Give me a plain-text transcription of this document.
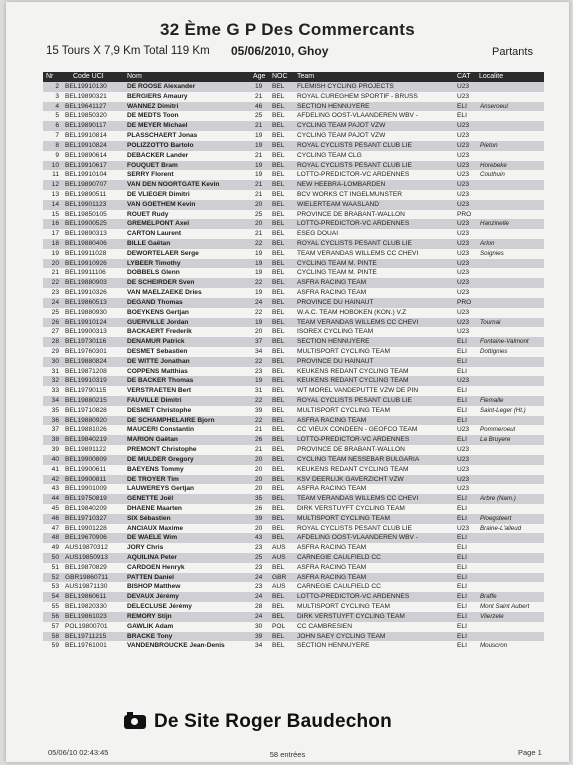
32 Ème G P Des Commercants
15 Tours X 7,9 Km Total 119 Km 05/06/2010, Ghoy	Partants
Nr	Code UCI	Nom	Age NOC Team	CAT Localite
2 BEL19910130	DE ROOSE Alexander	19	BEL	FLEMISH CYCLING PROJECTS	U23
3 BEL19890321	BERGIERS Amaury	21	BEL	ROYAL CUREGHEM SPORTIF - BRUSS	U23
4 BEL19641127	WANNEZ Dimitri	46	BEL	SECTION HENNUYERE	ELI	Anseroeul
5 BEL19850320	DE MEDTS Toon	25	BEL	AFDELING OOST-VLAANDEREN WBV -	ELI
6 BEL19890117	DE MEYER Michael	21	BEL	CYCLING TEAM PAJOT VZW	U23
7 BEL19910814	PLASSCHAERT Jonas	19	BEL	CYCLING TEAM PAJOT VZW	U23
8 BEL19910824	POLIZZOTTO Bartolo	19	BEL	ROYAL CYCLISTS PESANT CLUB LIE	U23	Pieton
9 BEL19890614	DEBACKER Lander	21	BEL	CYCLING TEAM CLG	U23
10 BEL19910617	FOUQUET Bram	19	BEL	ROYAL CYCLISTS PESANT CLUB LIE	U23	Horebeke
11 BEL19910104	SERRY Florent	19	BEL	LOTTO-PREDICTOR-VC ARDENNES	U23	Couthuin
12 BEL19890707	VAN DEN NOORTGATE Kevin	21	BEL	NEW HEEBRA-LOMBARDEN	U23
13 BEL19890511	DE VLIEGER Dimitri	21	BEL	BCV WORKS CT INGELMUNSTER	U23
14 BEL19901123	VAN GOETHEM Kevin	20	BEL	WIELERTEAM WAASLAND	U23
15 BEL19850105	ROUET Rudy	25	BEL	PROVINCE DE BRABANT-WALLON	PRO
16 BEL19900525	GREMELPONT Axel	20	BEL	LOTTO-PREDICTOR-VC ARDENNES	U23	Hanzinelle
17 BEL19890313	CARTON Laurent	21	BEL	ESEG DOUAI	U23
18 BEL19880406	BILLE Gaëtan	22	BEL	ROYAL CYCLISTS PESANT CLUB LIE	U23	Arlon
19 BEL19911028	DEWORTELAER Serge	19	BEL	TEAM VERANDAS WILLEMS CC CHEVI	U23	Soignies
20 BEL19910926	LYBEER Timothy	19	BEL	CYCLING TEAM M. PINTE	U23
21 BEL19911106	DOBBELS Glenn	19	BEL	CYCLING TEAM M. PINTE	U23
22 BEL19880903	DE SCHEIRDER Sven	22	BEL	ASFRA RACING TEAM	U23
23 BEL19910326	VAN MAELZAEKE Dries	19	BEL	ASFRA RACING TEAM	U23
24 BEL19860513	DEGAND Thomas	24	BEL	PROVINCE DU HAINAUT	PRO
25 BEL19880930	BOEYKENS Gertjan	22	BEL	W.A.C. TEAM HOBOKEN (KON.) V.Z	U23
26 BEL19910124	GUERVILLE Jordan	19	BEL	TEAM VERANDAS WILLEMS CC CHEVI	U23	Tournai
27 BEL19900313	BACKAERT Frederik	20	BEL	ISOREX CYCLING TEAM	U23
28 BEL19730116	DENAMUR Patrick	37	BEL	SECTION HENNUYERE	ELI	Fontaine-Valmont
29 BEL19760301	DESMET Sebastien	34	BEL	MULTISPORT CYCLING TEAM	ELI	Dottignies
30 BEL19880824	DE WITTE Jonathan	22	BEL	PROVINCE DU HAINAUT	ELI
31 BEL19871208	COPPENS Matthias	23	BEL	KEUKENS REDANT CYCLING TEAM	ELI
32 BEL19910319	DE BACKER Thomas	19	BEL	KEUKENS REDANT CYCLING TEAM	U23
33 BEL19790115	VERSTRAETEN Bert	31	BEL	WT MOREL VANDEPUTTE VZW DE PIN	ELI
34 BEL19880215	FAUVILLE Dimitri	22	BEL	ROYAL CYCLISTS PESANT CLUB LIE	ELI	Flemalle
35 BEL19710828	DESMET Christophe	39	BEL	MULTISPORT CYCLING TEAM	ELI	Saint-Leger (Ht.)
36 BEL19880920	DE SCHAMPHELAIRE Bjorn	22	BEL	ASFRA RACING TEAM	ELI
37 BEL19881026	MAUCERI Constantin	21	BEL	CC VIEUX CONDEEN - GEOFCO TEAM	U23	Pommeroeul
38 BEL19840219	MARION Gaëtan	26	BEL	LOTTO-PREDICTOR-VC ARDENNES	ELI	La Bruyere
39 BEL19891122	PREMONT Christophe	21	BEL	PROVINCE DE BRABANT-WALLON	U23
40 BEL19900809	DE MULDER Gregory	20	BEL	CYCLING TEAM NESSEBAR BULGARIA	U23
41 BEL19900611	BAEYENS Tommy	20	BEL	KEUKENS REDANT CYCLING TEAM	U23
42 BEL19900811	DE TROYER Tim	20	BEL	KSV DEERLIJK GAVERZICHT VZW	U23
43 BEL19901009	LAUWEREYS Gertjan	20	BEL	ASFRA RACING TEAM	U23
44 BEL19750819	GENETTE Joël	35	BEL	TEAM VERANDAS WILLEMS CC CHEVI	ELI	Arbre (Nam.)
45 BEL19840209	DHAENE Maarten	26	BEL	DIRK VERSTUYFT CYCLING TEAM	ELI
46 BEL19710327	SIX Sébastien	39	BEL	MULTISPORT CYCLING TEAM	ELI	Ploegsteert
47 BEL19901228	ANCIAUX Maxime	20	BEL	ROYAL CYCLISTS PESANT CLUB LIE	U23	Braine-L'alleud
48 BEL19670906	DE WAELE Wim	43	BEL	AFDELING OOST-VLAANDEREN WBV -	ELI
49 AUS19870312	JORY Chris	23	AUS	ASFRA RACING TEAM	ELI
50 AUS19850913	AQUILINA Peter	25	AUS	CARNEGIE CAULFIELD CC	ELI
51 BEL19870829	CARDOEN Henryk	23	BEL	ASFRA RACING TEAM	ELI
52 GBR19860711	PATTEN Daniel	24	GBR	ASFRA RACING TEAM	ELI
53 AUS19871130	BISHOP Matthew	23	AUS	CARNEGIE CAULFIELD CC	ELI
54 BEL19860611	DEVAUX Jérémy	24	BEL	LOTTO-PREDICTOR-VC ARDENNES	ELI	Braffe
55 BEL19820330	DELECLUSE Jérémy	28	BEL	MULTISPORT CYCLING TEAM	ELI	Mont Saint Aubert
56 BEL19861023	REMORY Stijn	24	BEL	DIRK VERSTUYFT CYCLING TEAM	ELI	Vlierzele
57 POL19800701	GAWLIK Adam	30	POL	CC CAMBRESIEN	ELI
58 BEL19711215	BRACKE Tony	39	BEL	JOHN SAEY CYCLING TEAM	ELI
59 BEL19761001	VANDENBROUCKE Jean-Denis	34	BEL	SECTION HENNUYERE	ELI	Mouscron
De Site Roger Baudechon
05/06/10 02:43:45	58 entrées	Page 1
